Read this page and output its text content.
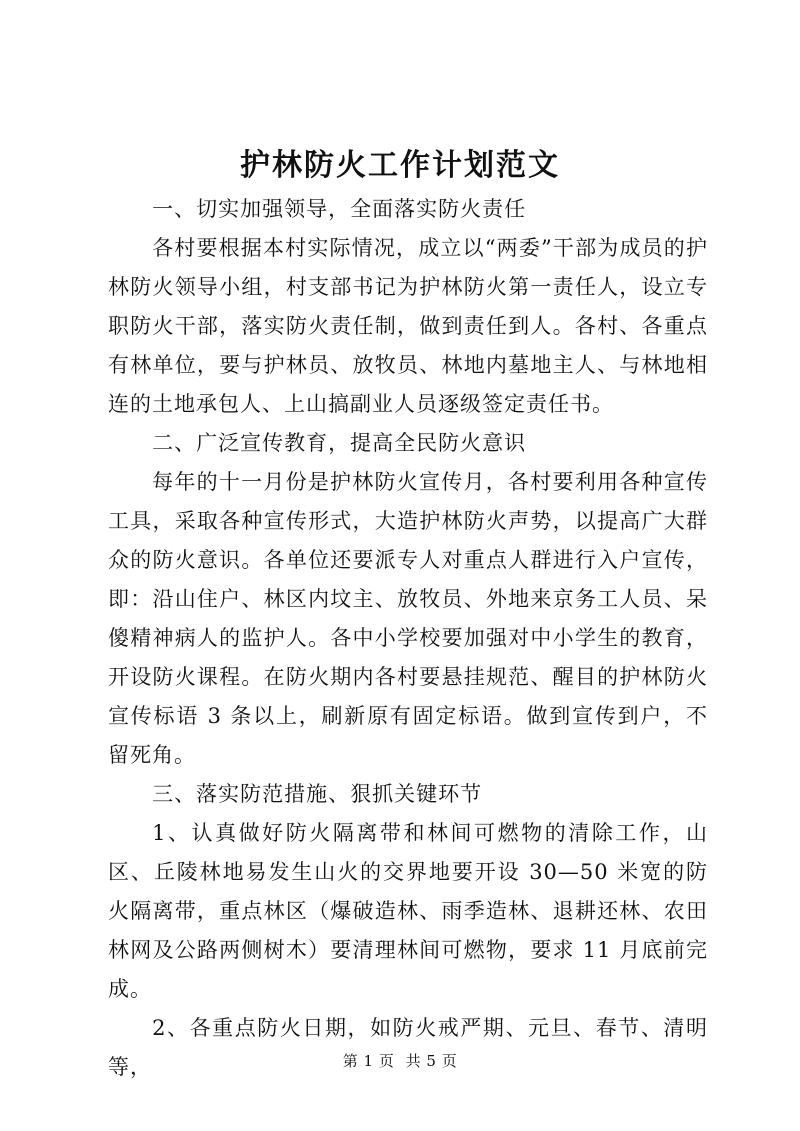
护林防火工作计划范文

一、切实加强领导，全面落实防火责任

各村要根据本村实际情况，成立以“两委”干部为成员的护林防火领导小组，村支部书记为护林防火第一责任人，设立专职防火干部，落实防火责任制，做到责任到人。各村、各重点有林单位，要与护林员、放牧员、林地内墓地主人、与林地相连的土地承包人、上山搞副业人员逐级签定责任书。

二、广泛宣传教育，提高全民防火意识

每年的十一月份是护林防火宣传月，各村要利用各种宣传工具，采取各种宣传形式，大造护林防火声势，以提高广大群众的防火意识。各单位还要派专人对重点人群进行入户宣传，即：沿山住户、林区内坟主、放牧员、外地来京务工人员、呆傻精神病人的监护人。各中小学校要加强对中小学生的教育，开设防火课程。在防火期内各村要悬挂规范、醒目的护林防火宣传标语 3 条以上，刷新原有固定标语。做到宣传到户，不留死角。

三、落实防范措施、狠抓关键环节

1、认真做好防火隔离带和林间可燃物的清除工作，山区、丘陵林地易发生山火的交界地要开设 30—50 米宽的防火隔离带，重点林区（爆破造林、雨季造林、退耕还林、农田林网及公路两侧树木）要清理林间可燃物，要求 11 月底前完成。

2、各重点防火日期，如防火戒严期、元旦、春节、清明等，	第 1 页 共 5 页
